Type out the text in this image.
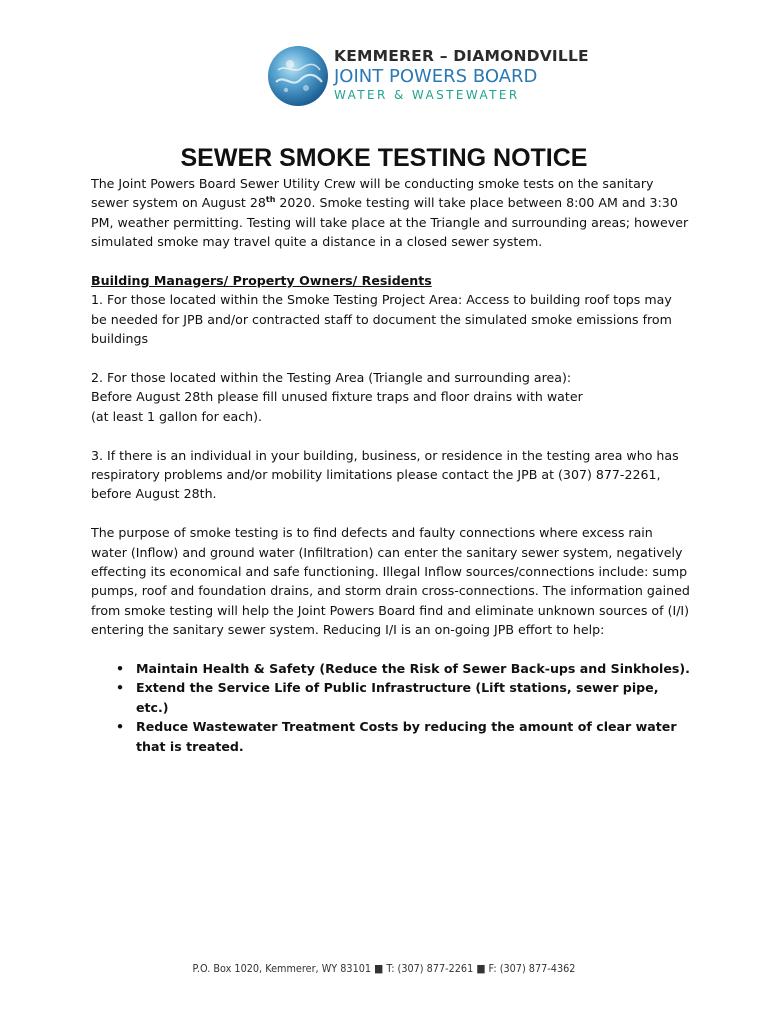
KEMMERER – DIAMONDVILLE
JOINT POWERS BOARD
WATER & WASTEWATER
SEWER SMOKE TESTING NOTICE

The Joint Powers Board Sewer Utility Crew will be conducting smoke tests on the sanitary sewer system on August 28th 2020. Smoke testing will take place between 8:00 AM and 3:30 PM, weather permitting. Testing will take place at the Triangle and surrounding areas; however simulated smoke may travel quite a distance in a closed sewer system.

Building Managers/ Property Owners/ Residents

1. For those located within the Smoke Testing Project Area: Access to building roof tops may be needed for JPB and/or contracted staff to document the simulated smoke emissions from buildings

2. For those located within the Testing Area (Triangle and surrounding area):

Before August 28th please fill unused fixture traps and floor drains with water

(at least 1 gallon for each).

3. If there is an individual in your building, business, or residence in the testing area who has respiratory problems and/or mobility limitations please contact the JPB at (307) 877-2261, before August 28th.

The purpose of smoke testing is to find defects and faulty connections where excess rain water (Inflow) and ground water (Infiltration) can enter the sanitary sewer system, negatively effecting its economical and safe functioning. Illegal Inflow sources/connections include: sump pumps, roof and foundation drains, and storm drain cross-connections. The information gained from smoke testing will help the Joint Powers Board find and eliminate unknown sources of (I/I) entering the sanitary sewer system. Reducing I/I is an on-going JPB effort to help:

• Maintain Health & Safety (Reduce the Risk of Sewer Back-ups and Sinkholes).
• Extend the Service Life of Public Infrastructure (Lift stations, sewer pipe, etc.)
• Reduce Wastewater Treatment Costs by reducing the amount of clear water that is treated.
P.O. Box 1020, Kemmerer, WY 83101 ■ T: (307) 877-2261 ■ F: (307) 877-4362
